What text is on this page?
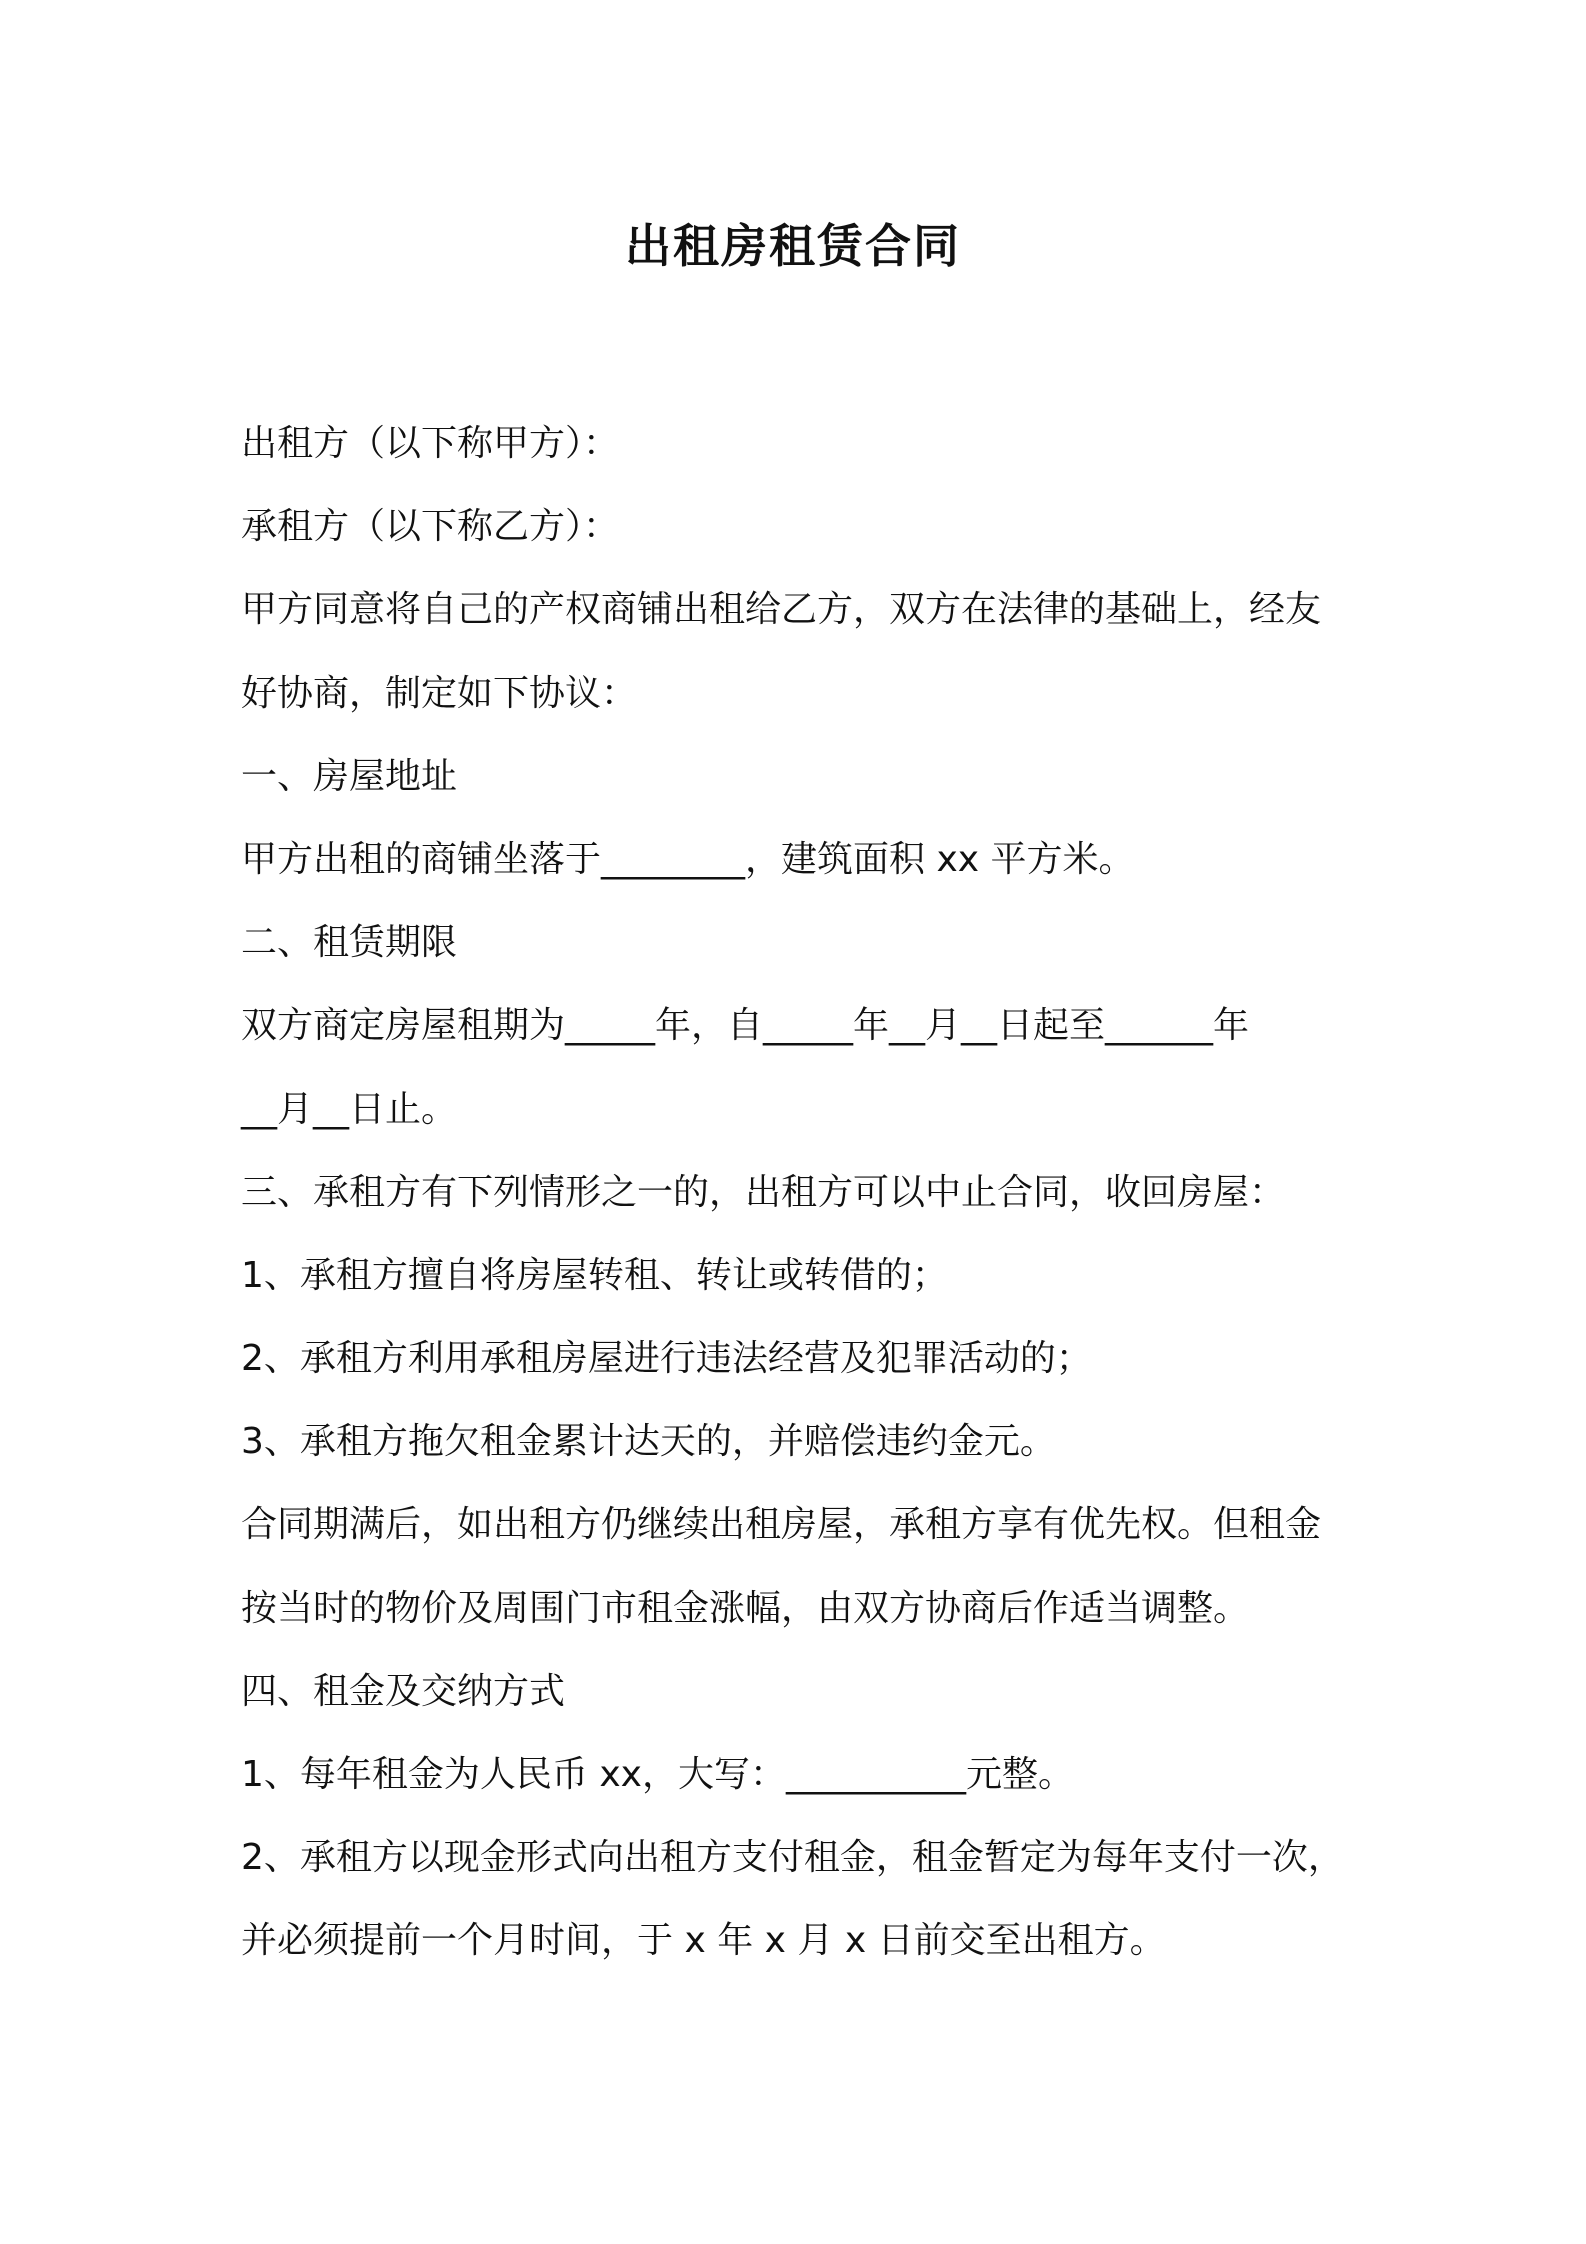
出租房租赁合同
出租方（以下称甲方）：
承租方（以下称乙方）：
甲方同意将自己的产权商铺出租给乙方，双方在法律的基础上，经友
好协商，制定如下协议：
一、房屋地址
甲方出租的商铺坐落于________，建筑面积 xx 平方米。
二、租赁期限
双方商定房屋租期为_____年，自_____年__月__日起至______年
__月__日止。
三、承租方有下列情形之一的，出租方可以中止合同，收回房屋：
1、承租方擅自将房屋转租、转让或转借的；
2、承租方利用承租房屋进行违法经营及犯罪活动的；
3、承租方拖欠租金累计达天的，并赔偿违约金元。
合同期满后，如出租方仍继续出租房屋，承租方享有优先权。但租金
按当时的物价及周围门市租金涨幅，由双方协商后作适当调整。
四、租金及交纳方式
1、每年租金为人民币 xx，大写：__________元整。
2、承租方以现金形式向出租方支付租金，租金暂定为每年支付一次，
并必须提前一个月时间，于 x 年 x 月 x 日前交至出租方。
